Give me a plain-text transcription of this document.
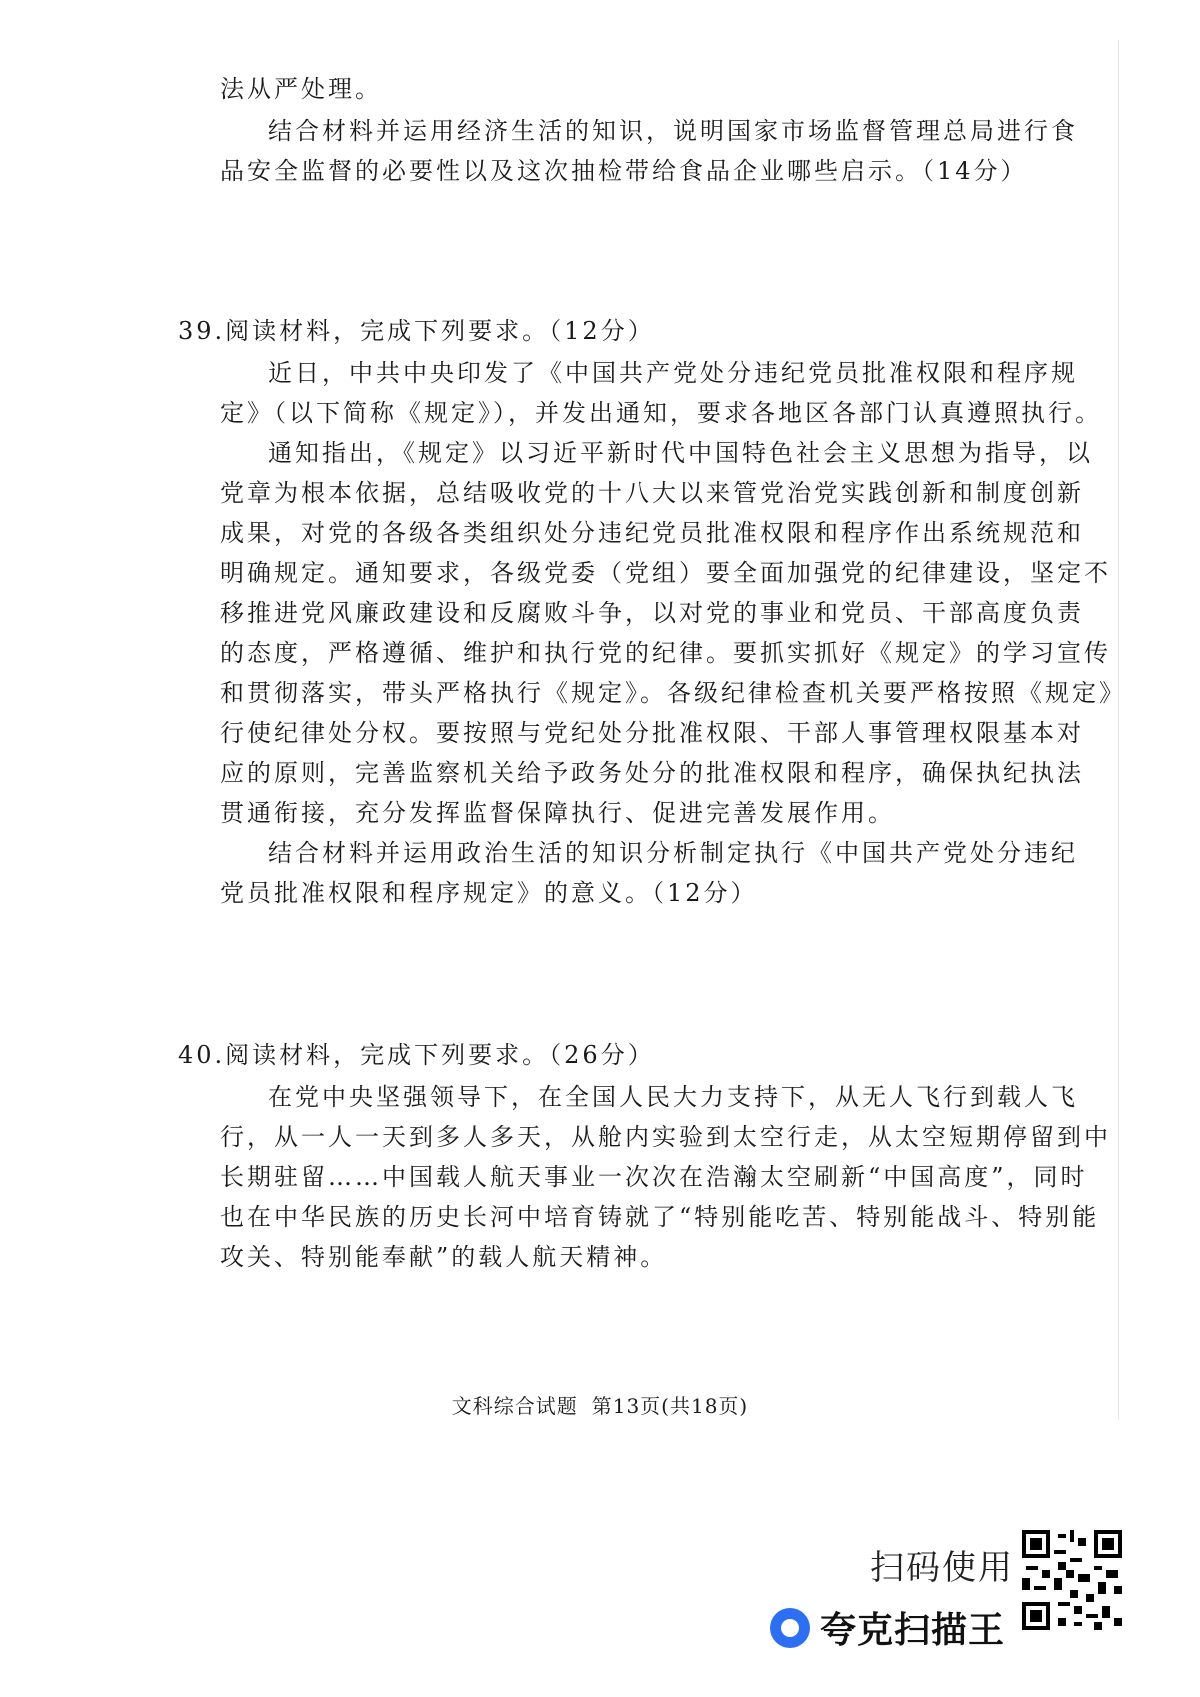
法从严处理。
结合材料并运用经济生活的知识，说明国家市场监督管理总局进行食
品安全监督的必要性以及这次抽检带给食品企业哪些启示。（14分）
39.阅读材料，完成下列要求。（12分）
近日，中共中央印发了《中国共产党处分违纪党员批准权限和程序规
定》（以下简称《规定》），并发出通知，要求各地区各部门认真遵照执行。
通知指出，《规定》以习近平新时代中国特色社会主义思想为指导，以
党章为根本依据，总结吸收党的十八大以来管党治党实践创新和制度创新
成果，对党的各级各类组织处分违纪党员批准权限和程序作出系统规范和
明确规定。通知要求，各级党委（党组）要全面加强党的纪律建设，坚定不
移推进党风廉政建设和反腐败斗争，以对党的事业和党员、干部高度负责
的态度，严格遵循、维护和执行党的纪律。要抓实抓好《规定》的学习宣传
和贯彻落实，带头严格执行《规定》。各级纪律检查机关要严格按照《规定》
行使纪律处分权。要按照与党纪处分批准权限、干部人事管理权限基本对
应的原则，完善监察机关给予政务处分的批准权限和程序，确保执纪执法
贯通衔接，充分发挥监督保障执行、促进完善发展作用。
结合材料并运用政治生活的知识分析制定执行《中国共产党处分违纪
党员批准权限和程序规定》的意义。（12分）
40.阅读材料，完成下列要求。（26分）
在党中央坚强领导下，在全国人民大力支持下，从无人飞行到载人飞
行，从一人一天到多人多天，从舱内实验到太空行走，从太空短期停留到中
长期驻留……中国载人航天事业一次次在浩瀚太空刷新“中国高度”，同时
也在中华民族的历史长河中培育铸就了“特别能吃苦、特别能战斗、特别能
攻关、特别能奉献”的载人航天精神。
文科综合试题 第13页(共18页)
扫码使用
夸克扫描王
